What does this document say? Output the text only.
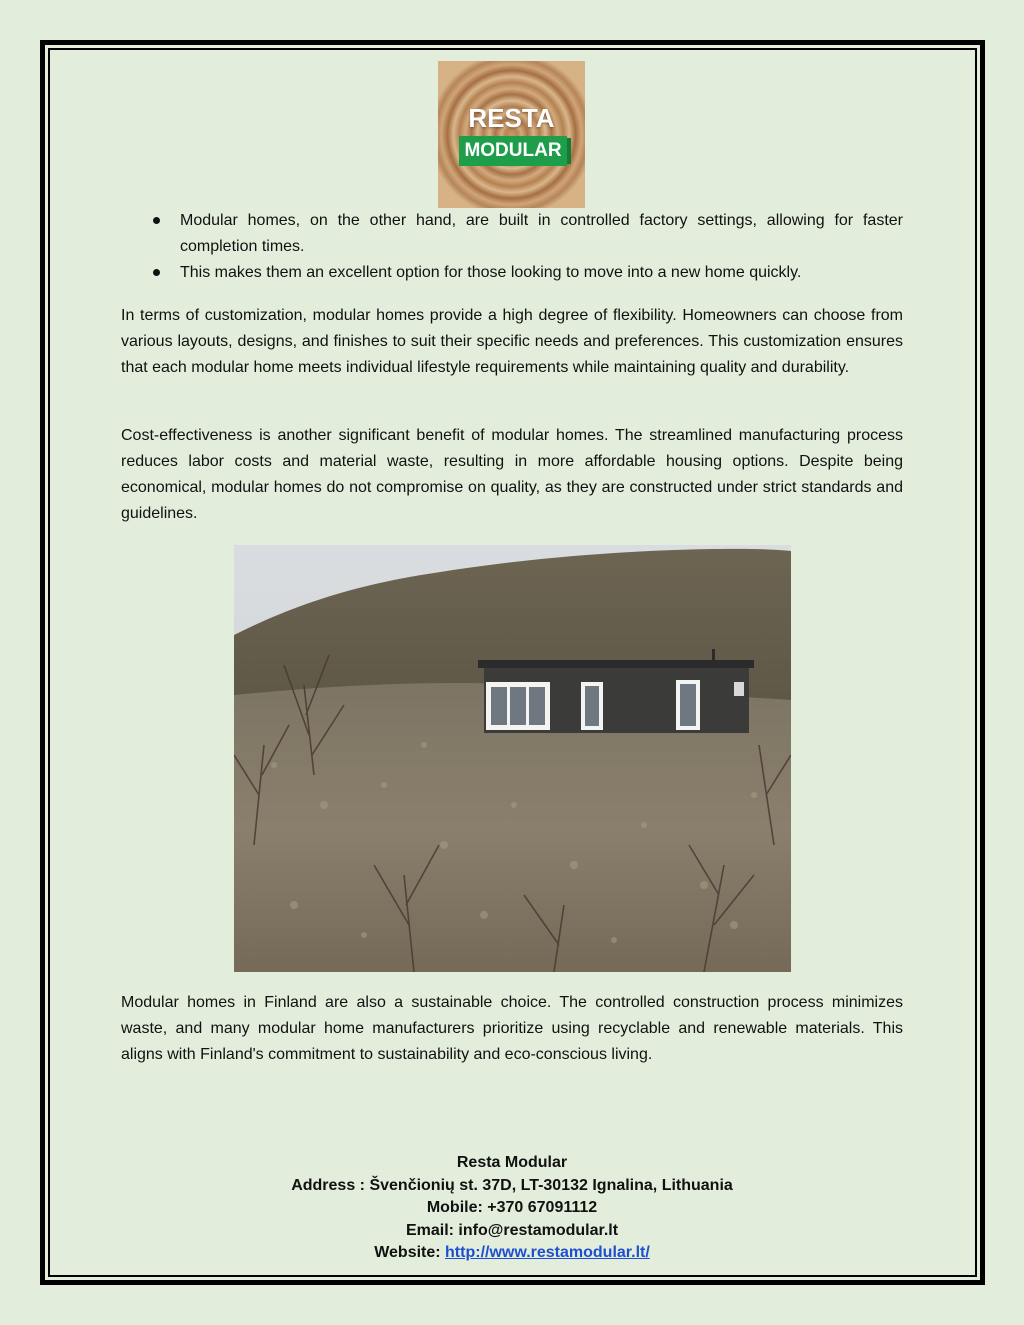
RESTA
MODULAR
Modular homes, on the other hand, are built in controlled factory settings, allowing for faster completion times.
This makes them an excellent option for those looking to move into a new home quickly.

In terms of customization, modular homes provide a high degree of flexibility. Homeowners can choose from various layouts, designs, and finishes to suit their specific needs and preferences. This customization ensures that each modular home meets individual lifestyle requirements while maintaining quality and durability.

Cost-effectiveness is another significant benefit of modular homes. The streamlined manufacturing process reduces labor costs and material waste, resulting in more affordable housing options. Despite being economical, modular homes do not compromise on quality, as they are constructed under strict standards and guidelines.

Modular homes in Finland are also a sustainable choice. The controlled construction process minimizes waste, and many modular home manufacturers prioritize using recyclable and renewable materials. This aligns with Finland's commitment to sustainability and eco-conscious living.

Resta Modular
Address : Švenčionių st. 37D, LT-30132 Ignalina, Lithuania
Mobile: +370 67091112
Email: info@restamodular.lt
Website: http://www.restamodular.lt/
